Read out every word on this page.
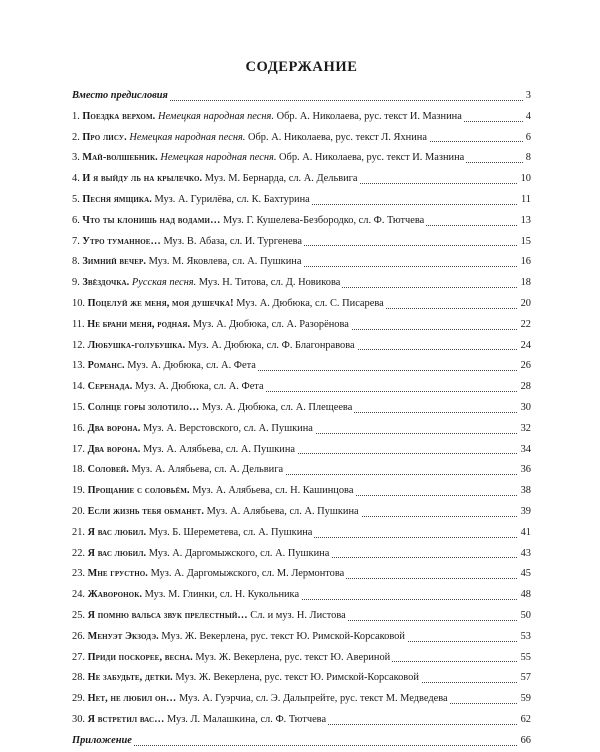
СОДЕРЖАНИЕ
Вместо предисловия	3
1. Поездка верхом. Немецкая народная песня. Обр. А. Николаева, рус. текст И. Мазнина	4
2. Про лису. Немецкая народная песня. Обр. А. Николаева, рус. текст Л. Яхнина	6
3. Май-волшебник. Немецкая народная песня. Обр. А. Николаева, рус. текст И. Мазнина	8
4. И я выйду ль на крылечко. Муз. М. Бернарда, сл. А. Дельвига	10
5. Песня ямщика. Муз. А. Гурилёва, сл. К. Бахтурина	11
6. Что ты клонишь над водами… Муз. Г. Кушелева-Безбородко, сл. Ф. Тютчева	13
7. Утро туманное… Муз. В. Абаза, сл. И. Тургенева	15
8. Зимний вечер. Муз. М. Яковлева, сл. А. Пушкина	16
9. Звёздочка. Русская песня. Муз. Н. Титова, сл. Д. Новикова	18
10. Поцелуй же меня, моя душечка! Муз. А. Дюбюка, сл. С. Писарева	20
11. Не брани меня, родная. Муз. А. Дюбюка, сл. А. Разорёнова	22
12. Любушка-голубушка. Муз. А. Дюбюка, сл. Ф. Благонравова	24
13. Романс. Муз. А. Дюбюка, сл. А. Фета	26
14. Серенада. Муз. А. Дюбюка, сл. А. Фета	28
15. Солнце горы золотило… Муз. А. Дюбюка, сл. А. Плещеева	30
16. Два ворона. Муз. А. Верстовского, сл. А. Пушкина	32
17. Два ворона. Муз. А. Алябьева, сл. А. Пушкина	34
18. Соловей. Муз. А. Алябьева, сл. А. Дельвига	36
19. Прощание с соловьём. Муз. А. Алябьева, сл. Н. Кашинцова	38
20. Если жизнь тебя обманет. Муз. А. Алябьева, сл. А. Пушкина	39
21. Я вас любил. Муз. Б. Шереметева, сл. А. Пушкина	41
22. Я вас любил. Муз. А. Даргомыжского, сл. А. Пушкина	43
23. Мне грустно. Муз. А. Даргомыжского, сл. М. Лермонтова	45
24. Жаворонок. Муз. М. Глинки, сл. Н. Кукольника	48
25. Я помню вальса звук прелестный… Сл. и муз. Н. Листова	50
26. Менуэт Экзодэ. Муз. Ж. Векерлена, рус. текст Ю. Римской-Корсаковой	53
27. Приди поскорее, весна. Муз. Ж. Векерлена, рус. текст Ю. Авериной	55
28. Не забудьте, детки. Муз. Ж. Векерлена, рус. текст Ю. Римской-Корсаковой	57
29. Нет, не любил он… Муз. А. Гуэрчиа, сл. Э. Дальпрейте, рус. текст М. Медведева	59
30. Я встретил вас… Муз. Л. Малашкина, сл. Ф. Тютчева	62
Приложение	66
